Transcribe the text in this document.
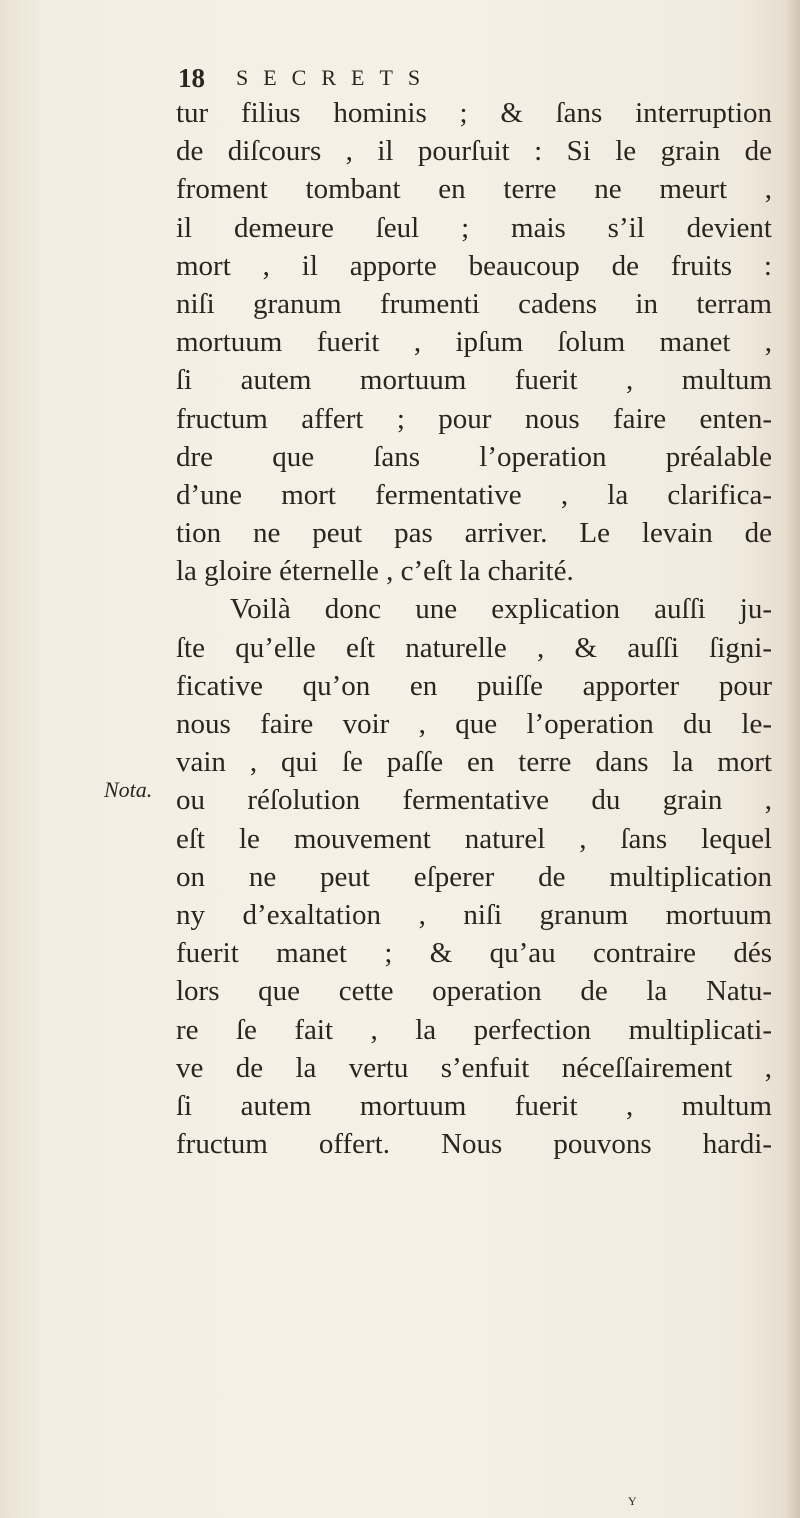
18 SECRETS
Nota.
tur filius hominis ; & ſans interruption
de diſcours , il pourſuit : Si le grain de
froment tombant en terre ne meurt ,
il demeure ſeul ; mais s’il devient
mort , il apporte beaucoup de fruits :
niſi granum frumenti cadens in terram
mortuum fuerit , ipſum ſolum manet ,
ſi autem mortuum fuerit , multum
fructum affert ; pour nous faire enten-
dre que ſans l’operation préalable
d’une mort fermentative , la clarifica-
tion ne peut pas arriver. Le levain de
la gloire éternelle , c’eſt la charité.
Voilà donc une explication auſſi ju-
ſte qu’elle eſt naturelle , & auſſi ſigni-
ficative qu’on en puiſſe apporter pour
nous faire voir , que l’operation du le-
vain , qui ſe paſſe en terre dans la mort
ou réſolution fermentative du grain ,
eſt le mouvement naturel , ſans lequel
on ne peut eſperer de multiplication
ny d’exaltation , niſi granum mortuum
fuerit manet ; & qu’au contraire dés
lors que cette operation de la Natu-
re ſe fait , la perfection multiplicati-
ve de la vertu s’enfuit néceſſairement ,
ſi autem mortuum fuerit , multum
fructum offert. Nous pouvons hardi-
Y
